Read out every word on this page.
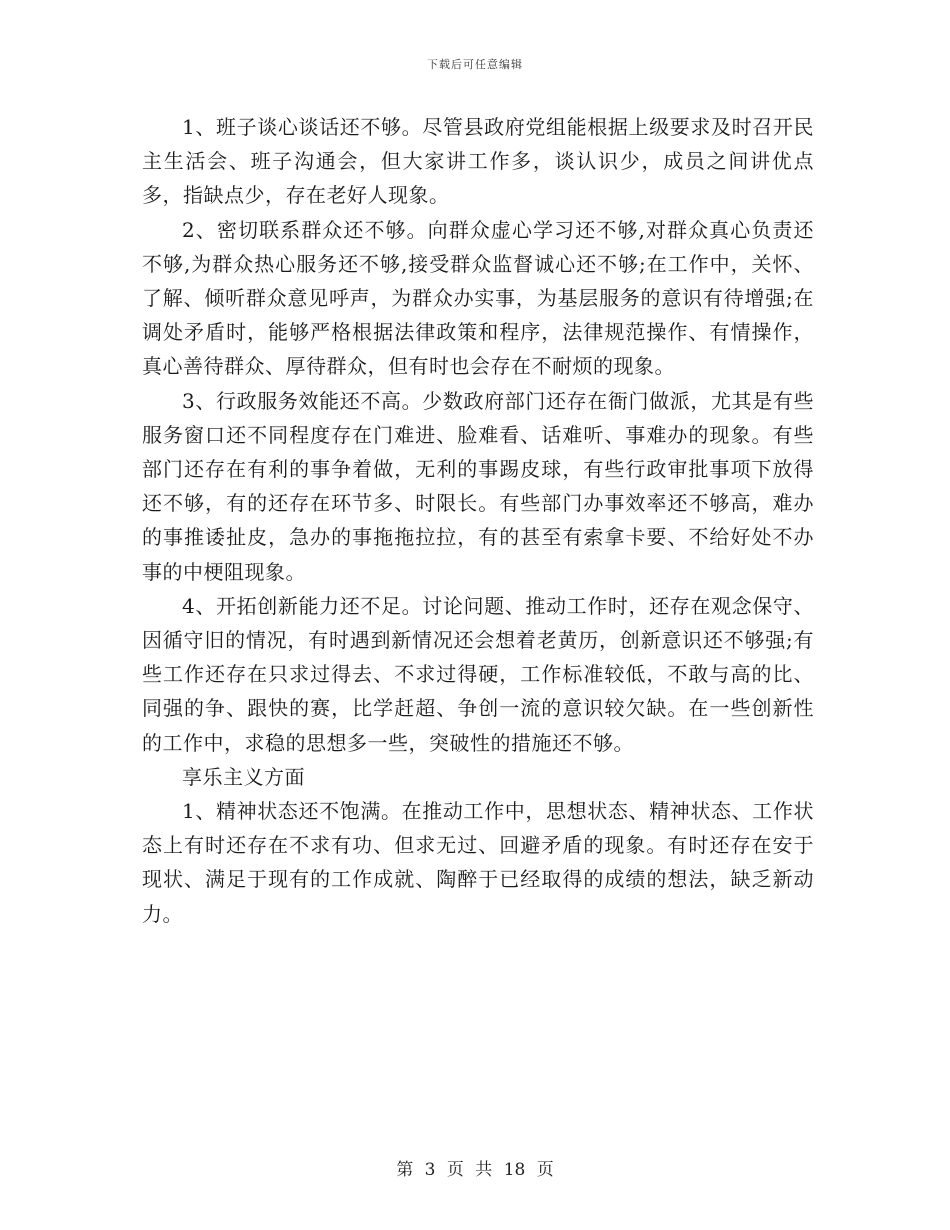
下载后可任意编辑

1、班子谈心谈话还不够。尽管县政府党组能根据上级要求及时召开民主生活会、班子沟通会，但大家讲工作多，谈认识少，成员之间讲优点多，指缺点少，存在老好人现象。

2、密切联系群众还不够。向群众虚心学习还不够,对群众真心负责还不够,为群众热心服务还不够,接受群众监督诚心还不够;在工作中，关怀、了解、倾听群众意见呼声，为群众办实事，为基层服务的意识有待增强;在调处矛盾时，能够严格根据法律政策和程序，法律规范操作、有情操作，真心善待群众、厚待群众，但有时也会存在不耐烦的现象。

3、行政服务效能还不高。少数政府部门还存在衙门做派，尤其是有些服务窗口还不同程度存在门难进、脸难看、话难听、事难办的现象。有些部门还存在有利的事争着做，无利的事踢皮球，有些行政审批事项下放得还不够，有的还存在环节多、时限长。有些部门办事效率还不够高，难办的事推诿扯皮，急办的事拖拖拉拉，有的甚至有索拿卡要、不给好处不办事的中梗阻现象。

4、开拓创新能力还不足。讨论问题、推动工作时，还存在观念保守、因循守旧的情况，有时遇到新情况还会想着老黄历，创新意识还不够强;有些工作还存在只求过得去、不求过得硬，工作标准较低，不敢与高的比、同强的争、跟快的赛，比学赶超、争创一流的意识较欠缺。在一些创新性的工作中，求稳的思想多一些，突破性的措施还不够。

享乐主义方面

1、精神状态还不饱满。在推动工作中，思想状态、精神状态、工作状态上有时还存在不求有功、但求无过、回避矛盾的现象。有时还存在安于现状、满足于现有的工作成就、陶醉于已经取得的成绩的想法，缺乏新动力。

第 3 页 共 18 页
